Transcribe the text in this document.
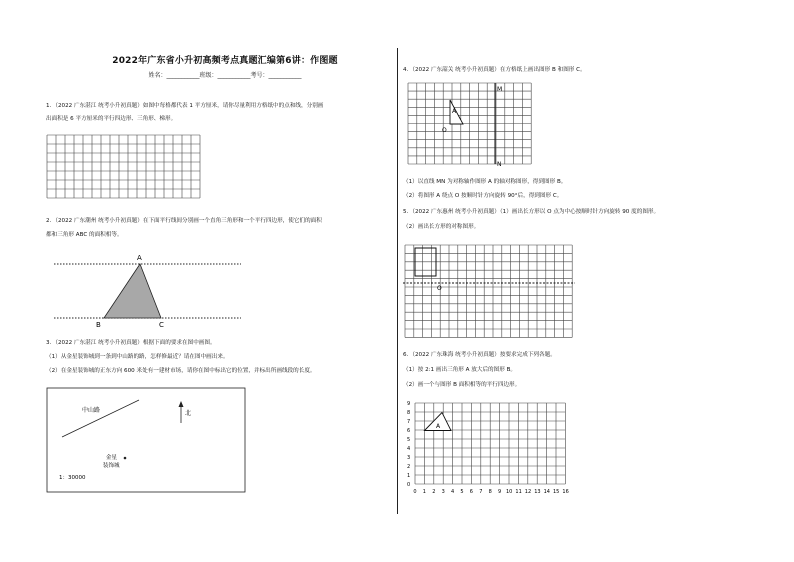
2022年广东省小升初高频考点真题汇编第6讲：作图题
姓名：___________班级：___________考号：___________
1．（2022 广东湛江 统考小升初真题）如图中每格都代表 1 平方厘米，请你尽量利用方格纸中的点和线，分别画
出面积是 6 平方厘米的平行四边形、三角形、梯形。
2．（2022 广东潮州 统考小升初真题）在下面平行线间分别画一个直角三角形和一个平行四边形，使它们的面积
都和三角形 ABC 的面积相等。
A
B	C
3．（2022 广东湛江 统考小升初真题）根据下面的要求在图中画图。
（1）从金星装饰城到一条到中山路的路，怎样修最近？请在图中画出来。
（2）在金星装饰城的正东方向 600 米处有一建材市场，请你在图中标出它的位置，并标出所画线段的长度。
中山路	北
金星
装饰城
1：30000
4．（2022 广东韶关 统考小升初真题）在方格纸上画出图形 B 和图形 C。
M
N
A
O
（1）以直线 MN 为对称轴作图形 A 的轴对称图形，得到图形 B。
（2）将图形 A 绕点 O 按顺时针方向旋转 90°后，得到图形 C。
5．（2022 广东惠州 统考小升初真题）（1）画出长方形以 O 点为中心按顺时针方向旋转 90 度的图形。
（2）画出长方形的对称图形。
O
6．（2022 广东珠海 统考小升初真题）按要求完成下列各题。
（1）按 2:1 画出三角形 A 放大后的图形 B。
（2）画一个与图形 B 面积相等的平行四边形。
0 1 2 3 4 5 6 7 8 9 10 11 12 13 14 15 16
0
1
2
3
4
5
6
7
8
9
A
